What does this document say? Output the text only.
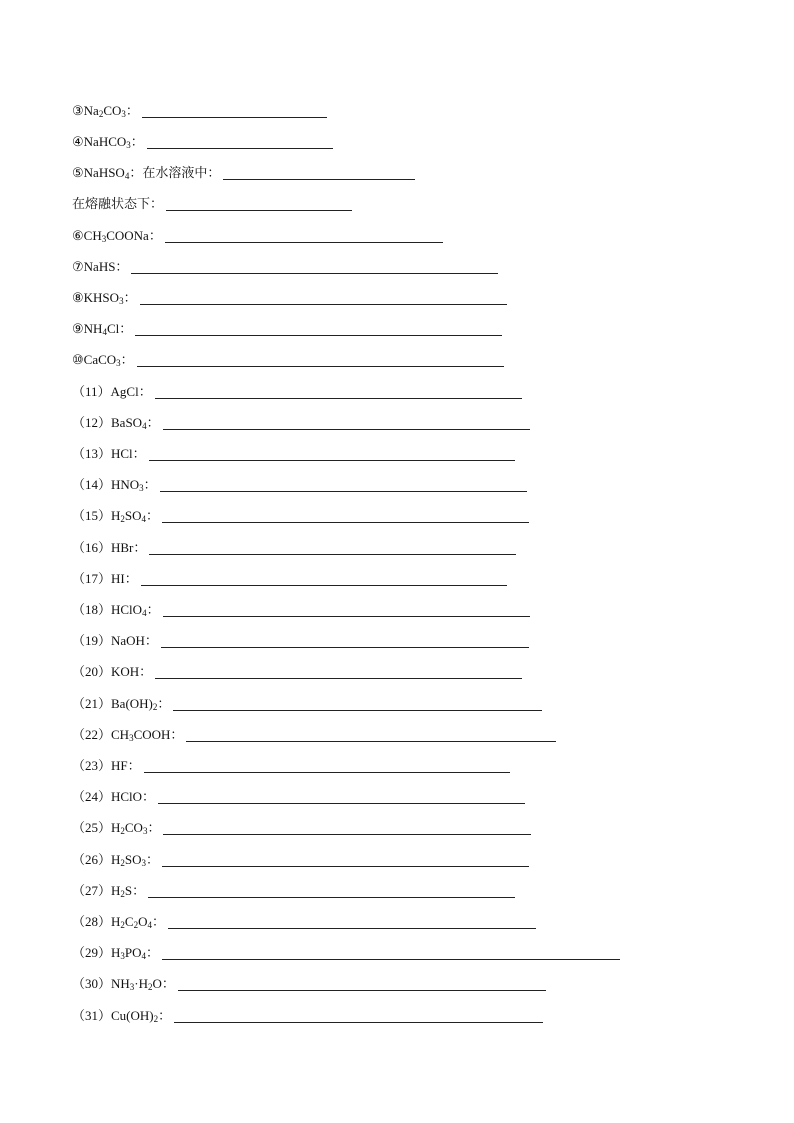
$③Na_2CO_3$：
④NaHCO$_3$：
⑤NaHSO$_4$：在水溶液中：
在熔融状态下：
$⑥CH_3COONa$：
⑦NaHS：
$⑧KHSO_3$：
$⑨NH_4Cl$：
⑩CaCO$_3$：
（11）AgCl：
（12）BaSO$_4$：
（13）HCl：
$(14)HNO_3$：
$(15)H_2SO_4$：
（16）HBr：
（17）HI：
（18）HClO$_4$：
（19）NaOH：
（20）KOH：
$(21)Ba(OH)_2$：
$(22)CH_3COOH$：
（23）HF：
（24）HClO：
$(25)H_2CO_3$：
$(26)H_2SO_3$：
$(27)H_2S$：
$(28)H_2C_2O_4$：
$(29)H_3PO_4$：
$(30)NH_3\cdot H_2O$：
$(31)Cu(OH)_2$：
